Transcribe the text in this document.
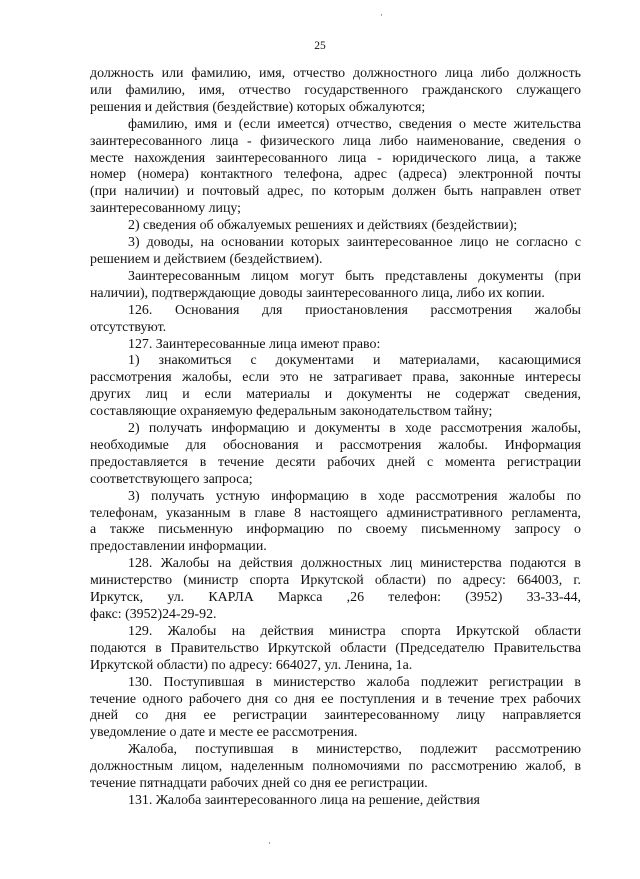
·
25

должность или фамилию, имя, отчество должностного лица либо должность
или фамилию, имя, отчество государственного гражданского служащего
решения и действия (бездействие) которых обжалуются;

фамилию, имя и (если имеется) отчество, сведения о месте жительства
заинтересованного лица - физического лица либо наименование, сведения о
месте нахождения заинтересованного лица - юридического лица, а также
номер (номера) контактного телефона, адрес (адреса) электронной почты
(при наличии) и почтовый адрес, по которым должен быть направлен ответ
заинтересованному лицу;

2) сведения об обжалуемых решениях и действиях (бездействии);

3) доводы, на основании которых заинтересованное лицо не согласно с
решением и действием (бездействием).

Заинтересованным лицом могут быть представлены документы (при
наличии), подтверждающие доводы заинтересованного лица, либо их копии.

126. Основания для приостановления рассмотрения жалобы
отсутствуют.

127. Заинтересованные лица имеют право:

1) знакомиться с документами и материалами, касающимися
рассмотрения жалобы, если это не затрагивает права, законные интересы
других лиц и если материалы и документы не содержат сведения,
составляющие охраняемую федеральным законодательством тайну;

2) получать информацию и документы в ходе рассмотрения жалобы,
необходимые для обоснования и рассмотрения жалобы. Информация
предоставляется в течение десяти рабочих дней с момента регистрации
соответствующего запроса;

3) получать устную информацию в ходе рассмотрения жалобы по
телефонам, указанным в главе 8 настоящего административного регламента,
а также письменную информацию по своему письменному запросу о
предоставлении информации.

128. Жалобы на действия должностных лиц министерства подаются в
министерство (министр спорта Иркутской области) по адресу: 664003, г.
Иркутск, ул. КАРЛА Маркса ,26 телефон: (3952) 33-33-44,
факс: (3952)24-29-92.

129. Жалобы на действия министра спорта Иркутской области
подаются в Правительство Иркутской области (Председателю Правительства
Иркутской области) по адресу: 664027, ул. Ленина, 1а.

130. Поступившая в министерство жалоба подлежит регистрации в
течение одного рабочего дня со дня ее поступления и в течение трех рабочих
дней со дня ее регистрации заинтересованному лицу направляется
уведомление о дате и месте ее рассмотрения.

Жалоба, поступившая в министерство, подлежит рассмотрению
должностным лицом, наделенным полномочиями по рассмотрению жалоб, в
течение пятнадцати рабочих дней со дня ее регистрации.

131. Жалоба заинтересованного лица на решение, действия

·
